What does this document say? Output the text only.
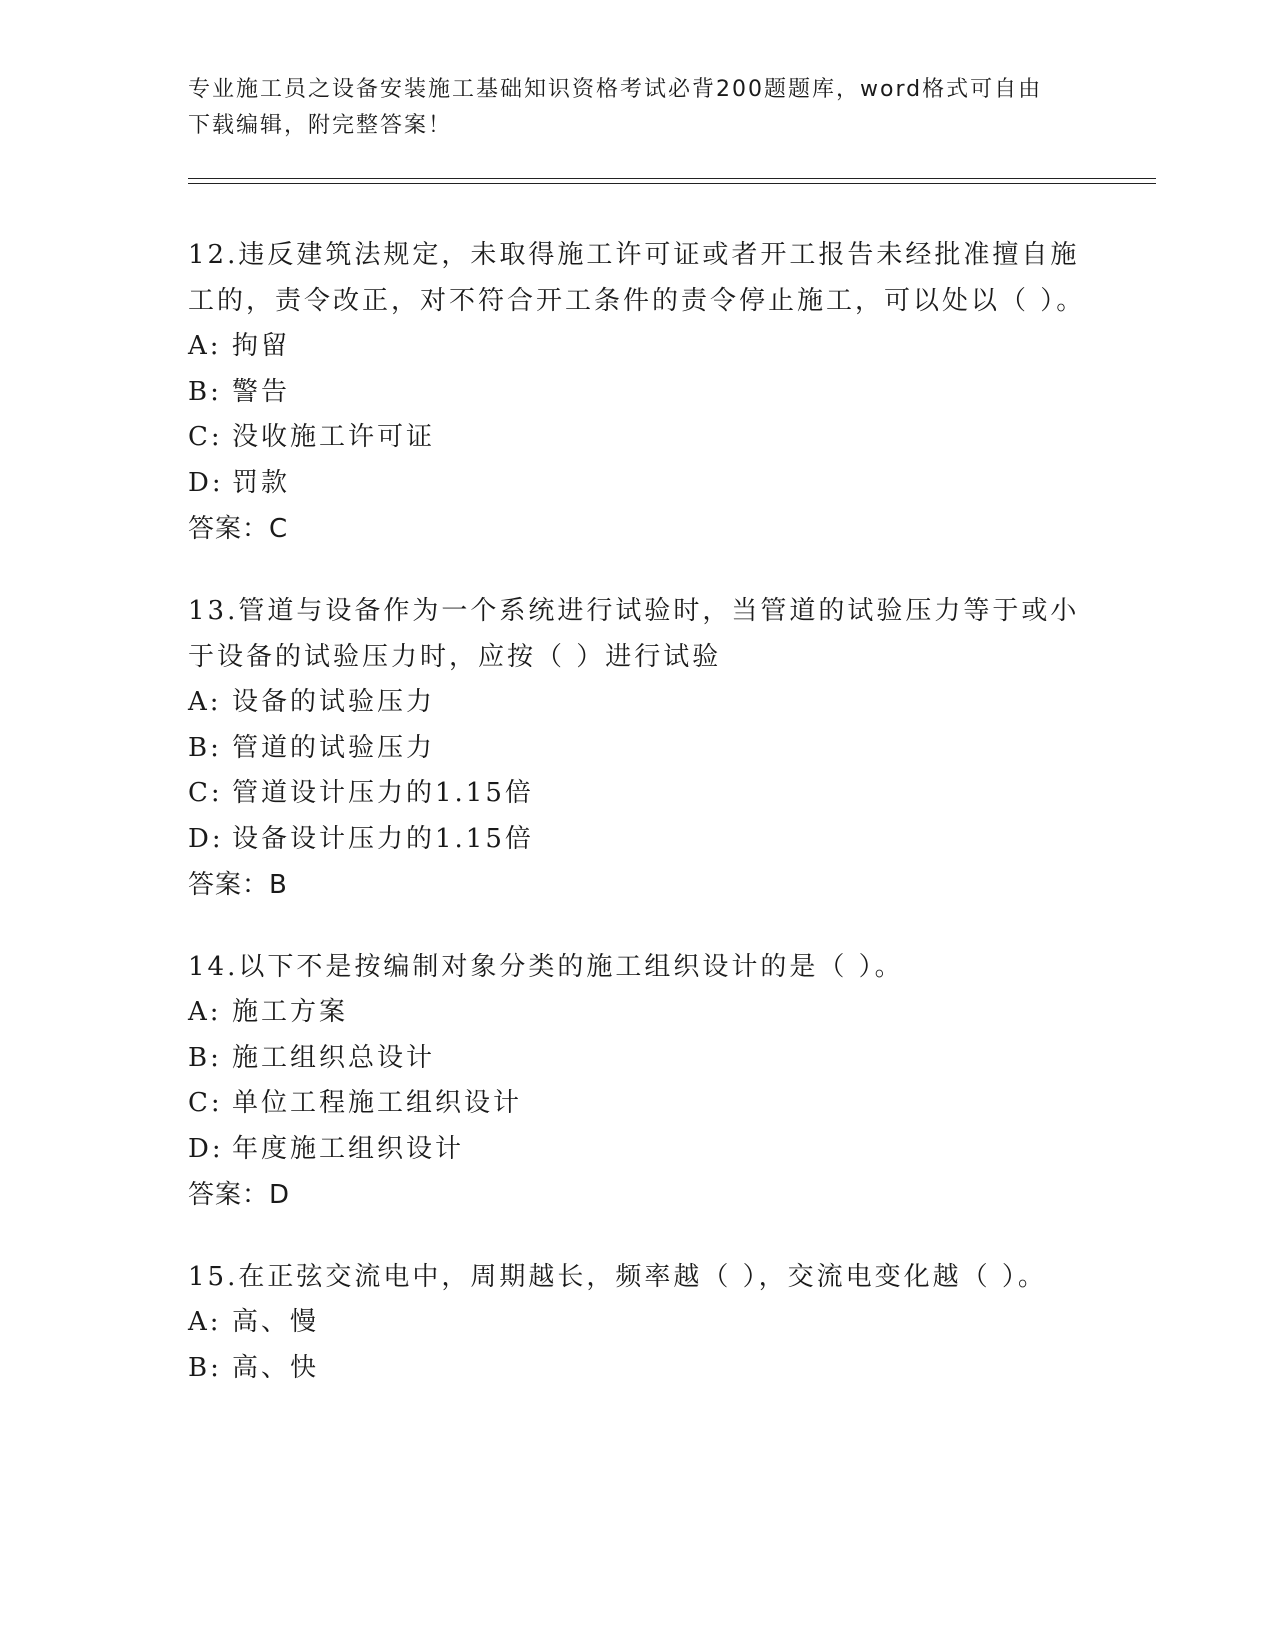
专业施工员之设备安装施工基础知识资格考试必背200题题库，word格式可自由
下载编辑，附完整答案！
12.违反建筑法规定，未取得施工许可证或者开工报告未经批准擅自施工的，责令改正，对不符合开工条件的责令停止施工，可以处以（ ）。
A: 拘留
B: 警告
C: 没收施工许可证
D: 罚款
答案：C
13.管道与设备作为一个系统进行试验时，当管道的试验压力等于或小于设备的试验压力时，应按（ ）进行试验
A: 设备的试验压力
B: 管道的试验压力
C: 管道设计压力的1.15倍
D: 设备设计压力的1.15倍
答案：B
14.以下不是按编制对象分类的施工组织设计的是（ ）。
A: 施工方案
B: 施工组织总设计
C: 单位工程施工组织设计
D: 年度施工组织设计
答案：D
15.在正弦交流电中，周期越长，频率越（ ），交流电变化越（ ）。
A: 高、慢
B: 高、快
